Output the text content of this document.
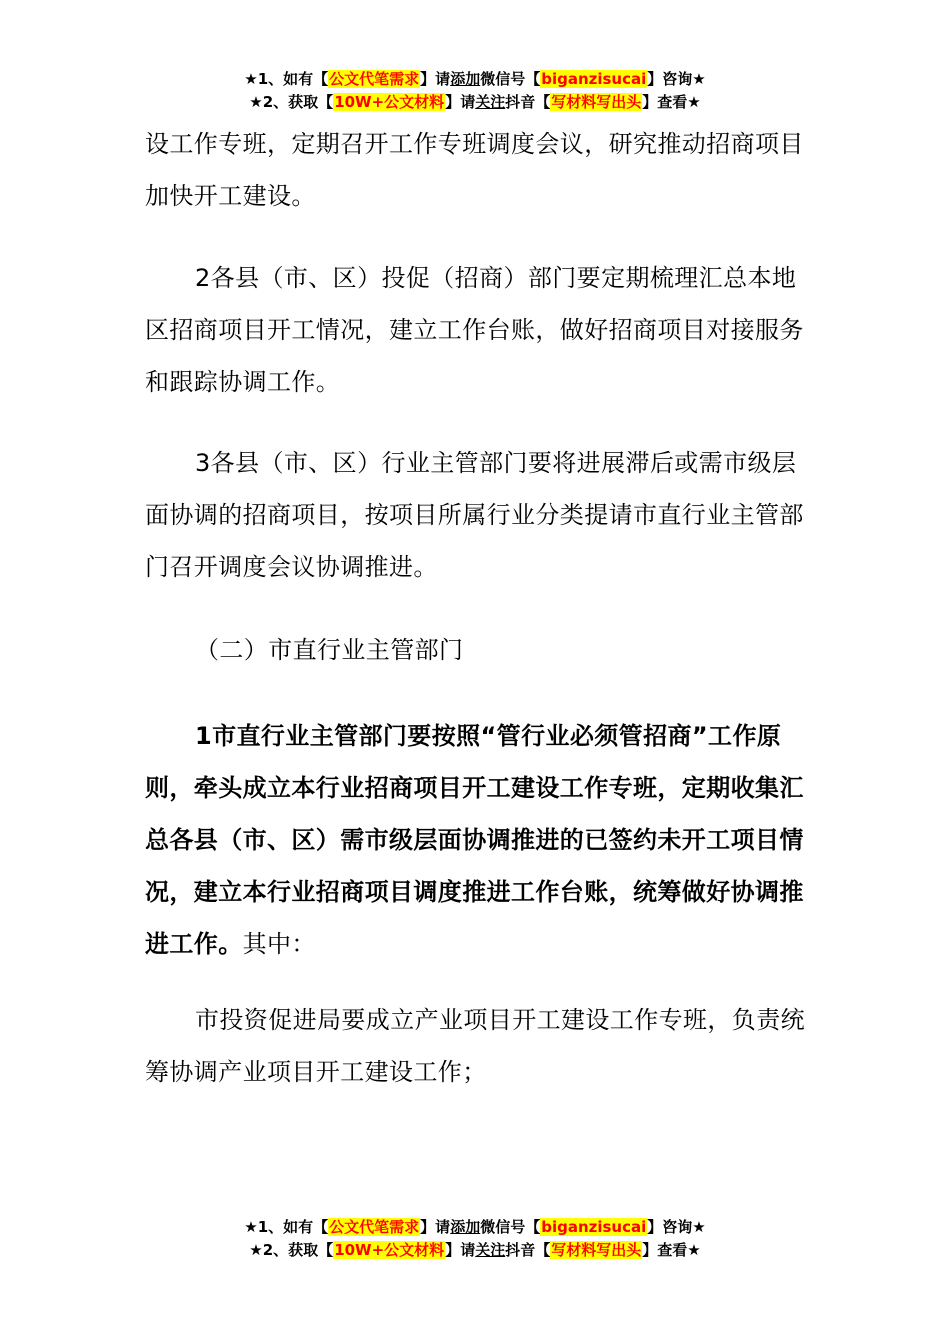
★1、如有【公文代笔需求】请添加微信号【biganzisucai】咨询★
★2、获取【10W+公文材料】请关注抖音【写材料写出头】查看★

设工作专班，定期召开工作专班调度会议，研究推动招商项目加快开工建设。

2各县（市、区）投促（招商）部门要定期梳理汇总本地区招商项目开工情况，建立工作台账，做好招商项目对接服务和跟踪协调工作。

3各县（市、区）行业主管部门要将进展滞后或需市级层面协调的招商项目，按项目所属行业分类提请市直行业主管部门召开调度会议协调推进。

（二）市直行业主管部门

1市直行业主管部门要按照“管行业必须管招商”工作原则，牵头成立本行业招商项目开工建设工作专班，定期收集汇总各县（市、区）需市级层面协调推进的已签约未开工项目情况，建立本行业招商项目调度推进工作台账，统筹做好协调推进工作。其中：

市投资促进局要成立产业项目开工建设工作专班，负责统筹协调产业项目开工建设工作；

★1、如有【公文代笔需求】请添加微信号【biganzisucai】咨询★
★2、获取【10W+公文材料】请关注抖音【写材料写出头】查看★
